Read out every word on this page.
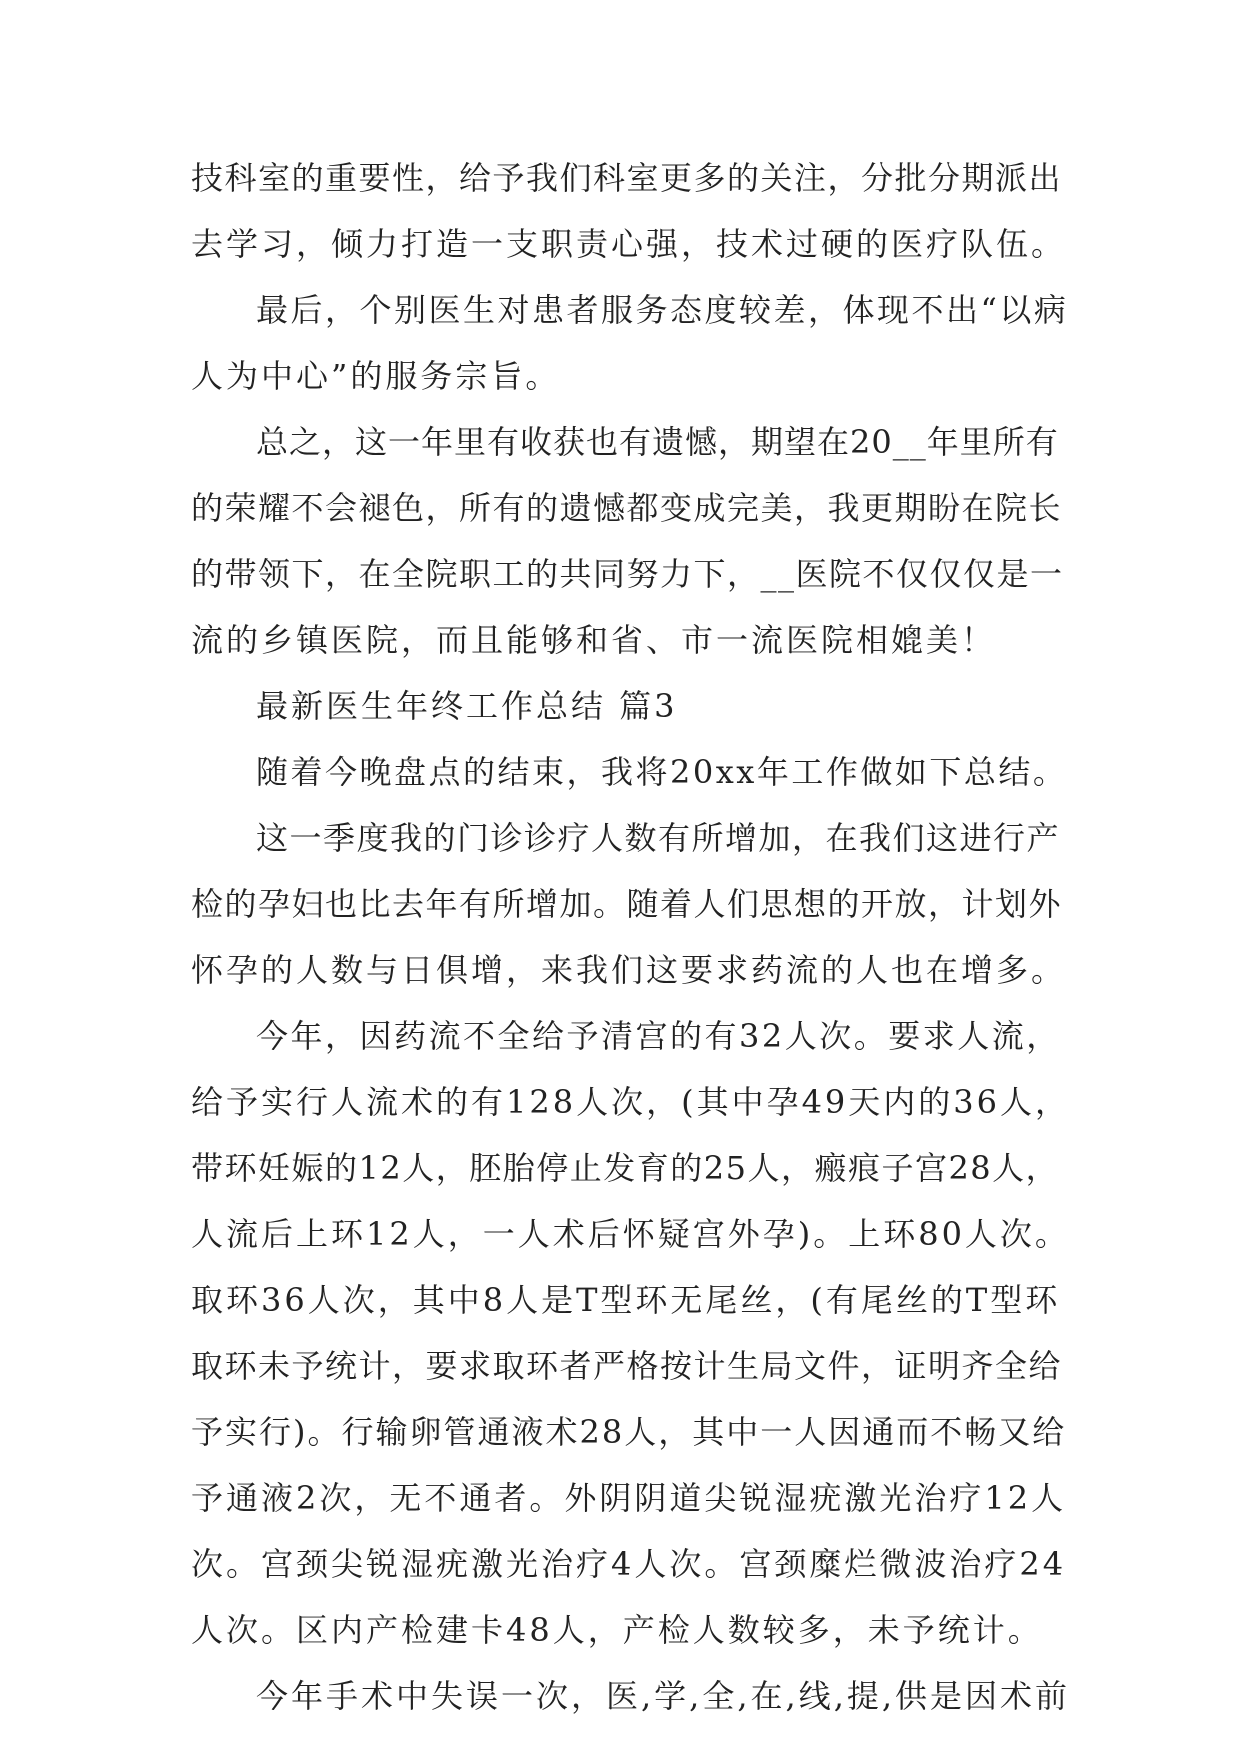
技科室的重要性，给予我们科室更多的关注，分批分期派出
去学习，倾力打造一支职责心强，技术过硬的医疗队伍。
最后，个别医生对患者服务态度较差，体现不出“以病
人为中心”的服务宗旨。
总之，这一年里有收获也有遗憾，期望在20__年里所有
的荣耀不会褪色，所有的遗憾都变成完美，我更期盼在院长
的带领下，在全院职工的共同努力下，__医院不仅仅仅是一
流的乡镇医院，而且能够和省、市一流医院相媲美！
最新医生年终工作总结 篇3
随着今晚盘点的结束，我将20xx年工作做如下总结。
这一季度我的门诊诊疗人数有所增加，在我们这进行产
检的孕妇也比去年有所增加。随着人们思想的开放，计划外
怀孕的人数与日俱增，来我们这要求药流的人也在增多。
今年，因药流不全给予清宫的有32人次。要求人流，
给予实行人流术的有128人次，(其中孕49天内的36人，
带环妊娠的12人，胚胎停止发育的25人，瘢痕子宫28人，
人流后上环12人，一人术后怀疑宫外孕)。上环80人次。
取环36人次，其中8人是T型环无尾丝，(有尾丝的T型环
取环未予统计，要求取环者严格按计生局文件，证明齐全给
予实行)。行输卵管通液术28人，其中一人因通而不畅又给
予通液2次，无不通者。外阴阴道尖锐湿疣激光治疗12人
次。宫颈尖锐湿疣激光治疗4人次。宫颈糜烂微波治疗24
人次。区内产检建卡48人，产检人数较多，未予统计。
今年手术中失误一次，医,学,全,在,线,提,供是因术前
